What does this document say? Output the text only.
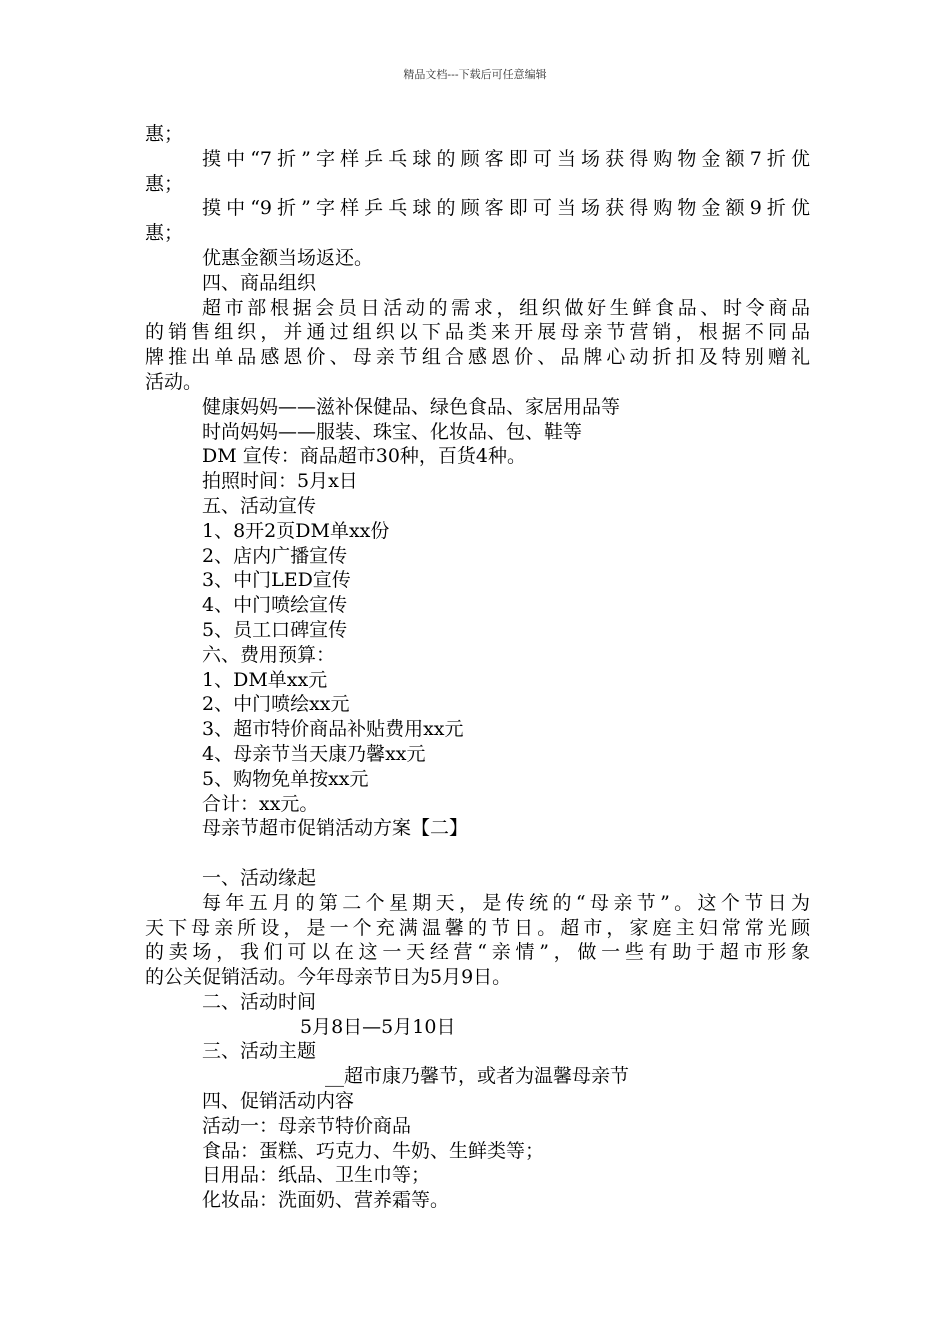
精品文档---下载后可任意编辑
惠；
摸中“7折”字样乒乓球的顾客即可当场获得购物金额7折优
惠；
摸中“9折”字样乒乓球的顾客即可当场获得购物金额9折优
惠；
优惠金额当场返还。
四、商品组织
超市部根据会员日活动的需求，组织做好生鲜食品、时令商品
的销售组织，并通过组织以下品类来开展母亲节营销，根据不同品
牌推出单品感恩价、母亲节组合感恩价、品牌心动折扣及特别赠礼
活动。
健康妈妈——滋补保健品、绿色食品、家居用品等
时尚妈妈——服装、珠宝、化妆品、包、鞋等
DM 宣传：商品超市30种，百货4种。
拍照时间：5月x日
五、活动宣传
1、8开2页DM单xx份
2、店内广播宣传
3、中门LED宣传
4、中门喷绘宣传
5、员工口碑宣传
六、费用预算：
1、DM单xx元
2、中门喷绘xx元
3、超市特价商品补贴费用xx元
4、母亲节当天康乃馨xx元
5、购物免单按xx元
合计：xx元。
母亲节超市促销活动方案【二】
一、活动缘起
每年五月的第二个星期天，是传统的“母亲节”。这个节日为
天下母亲所设，是一个充满温馨的节日。超市，家庭主妇常常光顾
的卖场，我们可以在这一天经营“亲情”，做一些有助于超市形象
的公关促销活动。今年母亲节日为5月9日。
二、活动时间
5月8日—5月10日
三、活动主题
__超市康乃馨节，或者为温馨母亲节
四、促销活动内容
活动一：母亲节特价商品
食品：蛋糕、巧克力、牛奶、生鲜类等；
日用品：纸品、卫生巾等；
化妆品：洗面奶、营养霜等。
